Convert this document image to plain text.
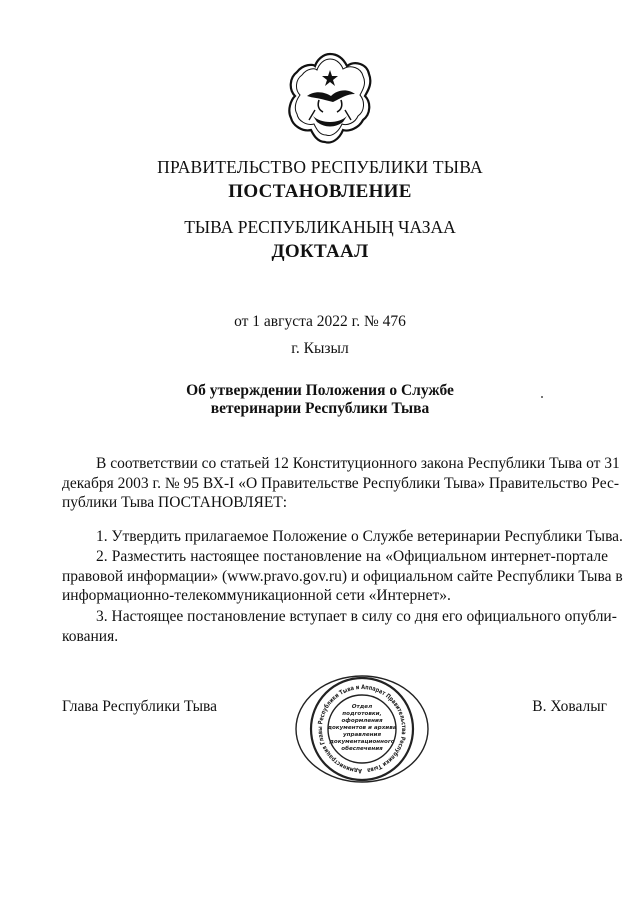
ПРАВИТЕЛЬСТВО РЕСПУБЛИКИ ТЫВА
ПОСТАНОВЛЕНИЕ
ТЫВА РЕСПУБЛИКАНЫҢ ЧАЗАА
ДОКТААЛ
от 1 августа 2022 г. № 476
г. Кызыл
Об утверждении Положения о Службе
ветеринарии Республики Тыва
В соответствии со статьей 12 Конституционного закона Республики Тыва от 31
декабря 2003 г. № 95 ВХ-I «О Правительстве Республики Тыва» Правительство Рес-
публики Тыва ПОСТАНОВЛЯЕТ:
1. Утвердить прилагаемое Положение о Службе ветеринарии Республики Тыва.
2. Разместить настоящее постановление на «Официальном интернет-портале
правовой информации» (www.pravo.gov.ru) и официальном сайте Республики Тыва в
информационно-телекоммуникационной сети «Интернет».
3. Настоящее постановление вступает в силу со дня его официального опубли-
кования.
Глава Республики Тыва	В. Ховалыг
Администрация Главы Республики Тыва и Аппарат Правительства Республики Тыва
Отдел
подготовки,
оформления
документов и архива
управления
документационного
обеспечения
